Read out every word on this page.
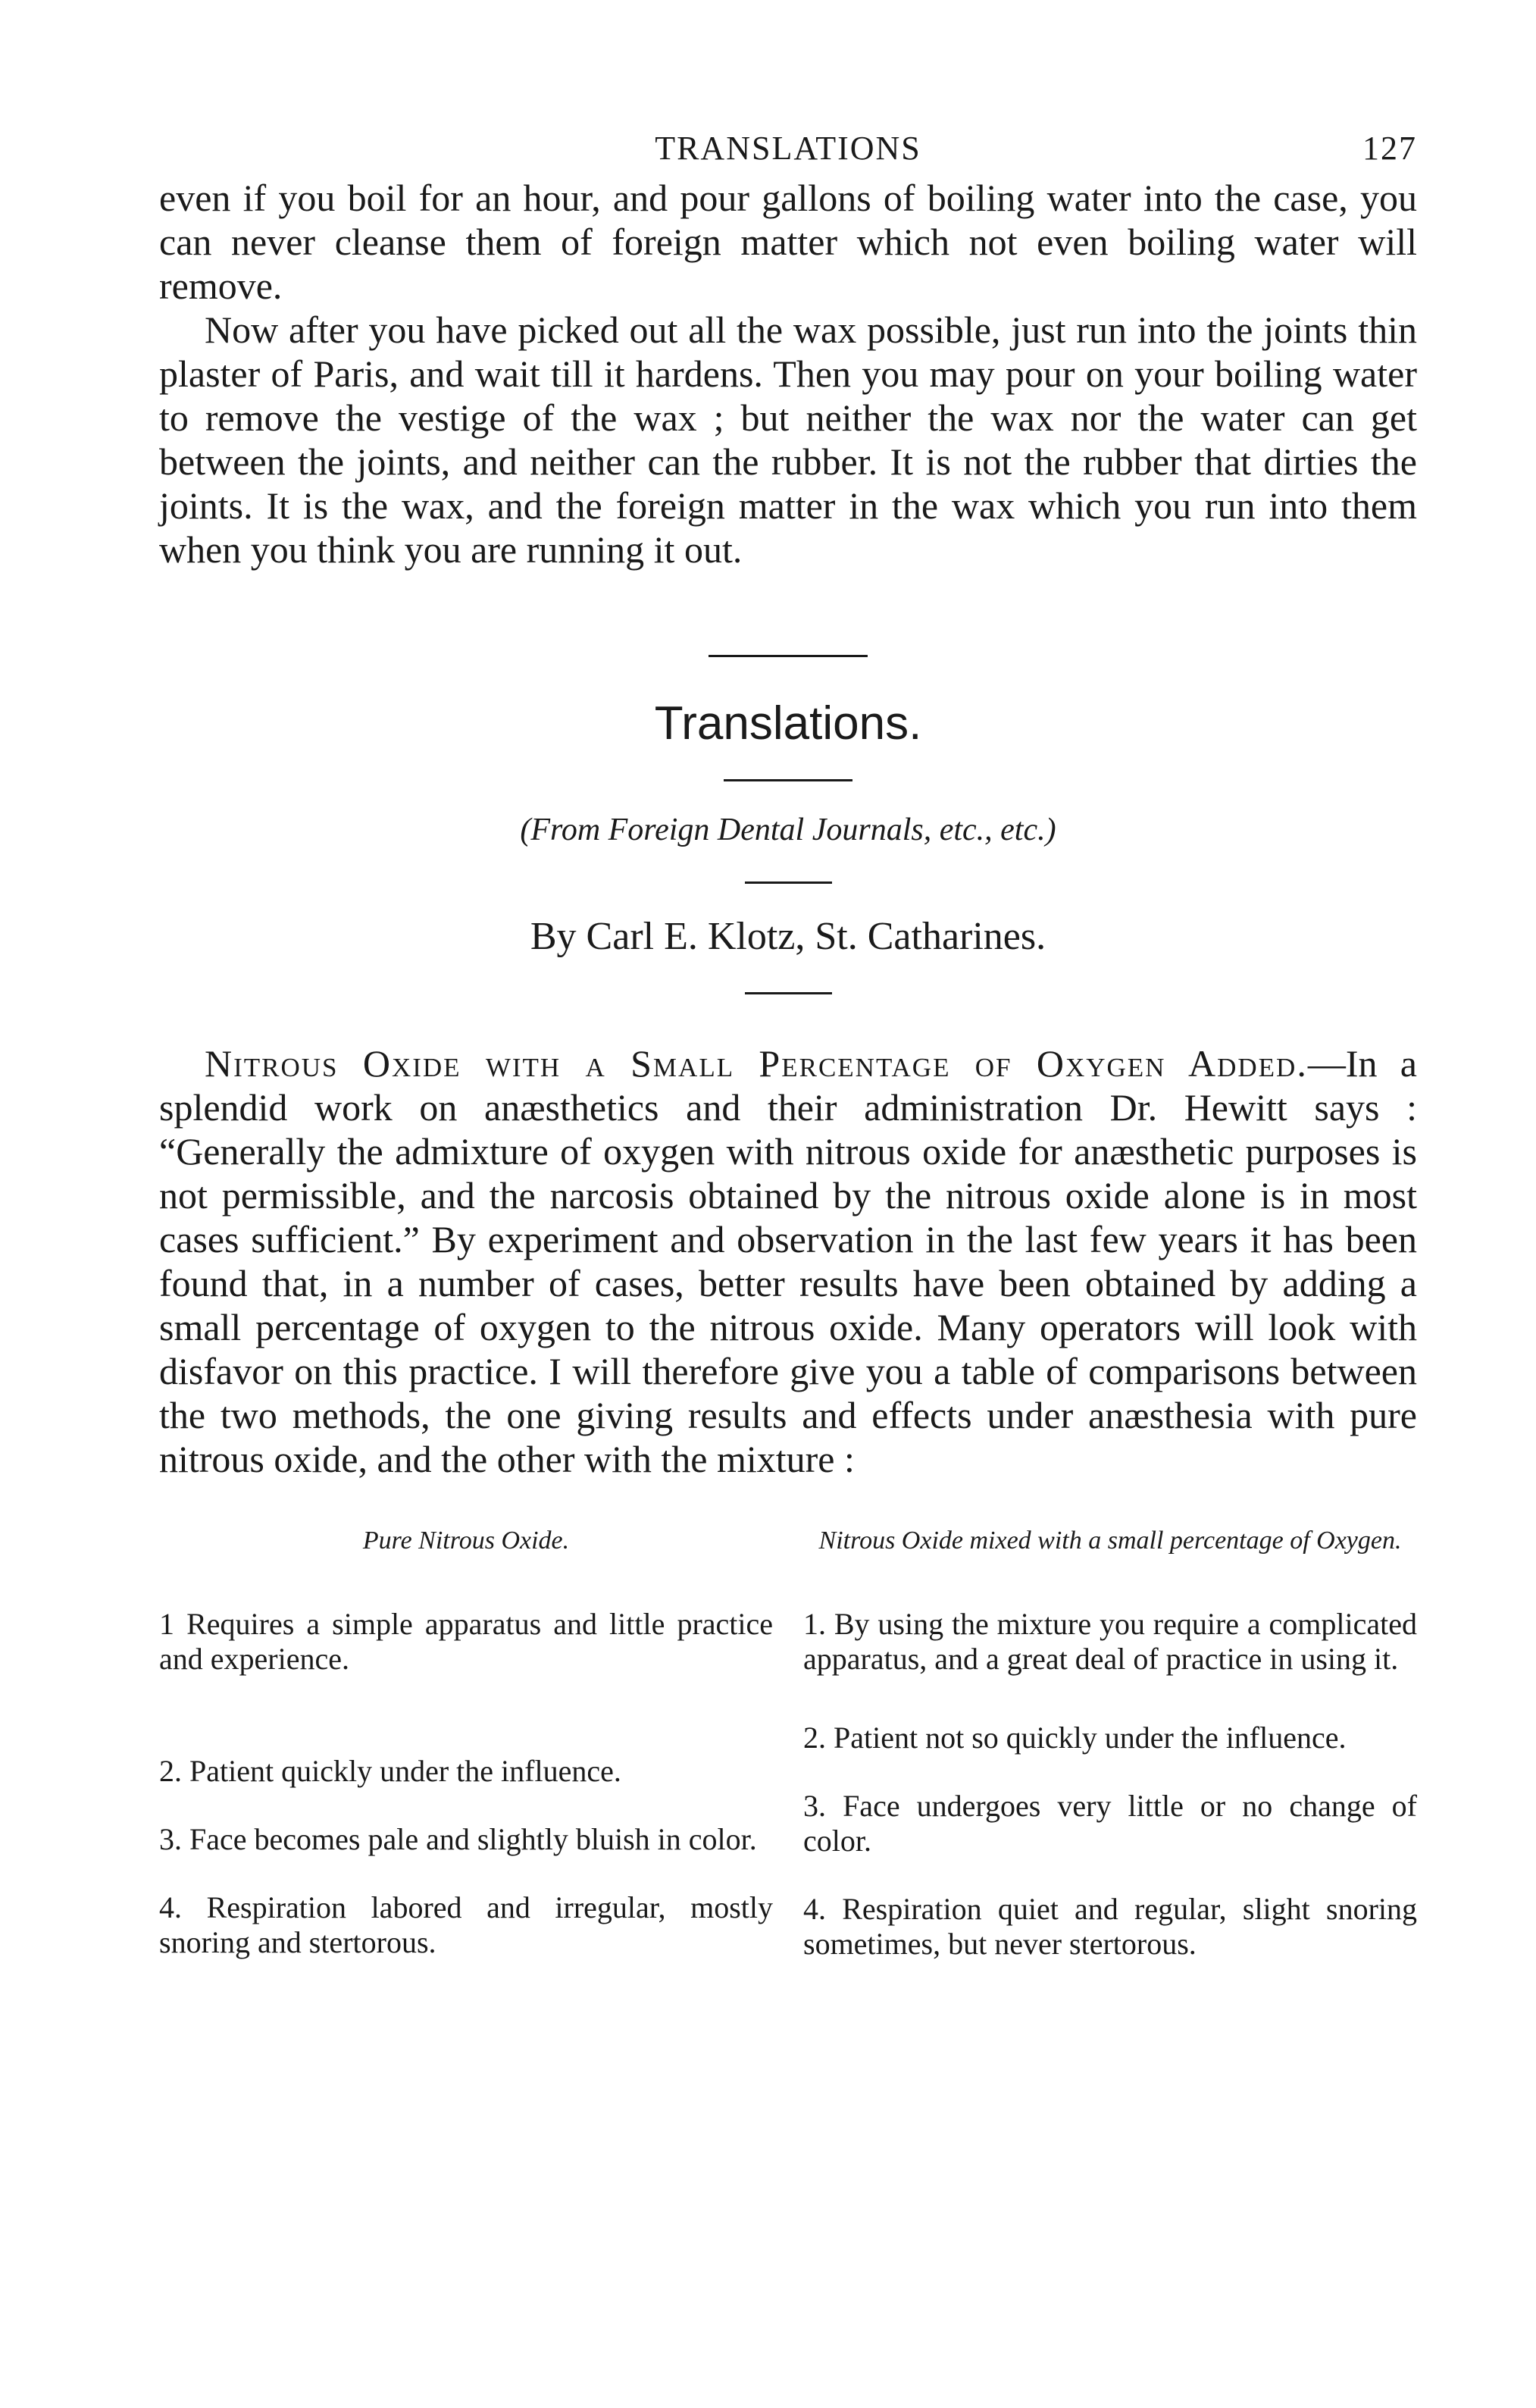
TRANSLATIONS	127

even if you boil for an hour, and pour gallons of boiling water into the case, you can never cleanse them of foreign matter which not even boiling water will remove.

Now after you have picked out all the wax possible, just run into the joints thin plaster of Paris, and wait till it hardens. Then you may pour on your boiling water to remove the vestige of the wax ; but neither the wax nor the water can get between the joints, and neither can the rubber. It is not the rubber that dirties the joints. It is the wax, and the foreign matter in the wax which you run into them when you think you are running it out.

Translations.

(From Foreign Dental Journals, etc., etc.)

By Carl E. Klotz, St. Catharines.

Nitrous Oxide with a Small Percentage of Oxygen Added.—In a splendid work on anæsthetics and their administration Dr. Hewitt says : “Generally the admixture of oxygen with nitrous oxide for anæsthetic purposes is not permissible, and the narcosis obtained by the nitrous oxide alone is in most cases sufficient.” By experiment and observation in the last few years it has been found that, in a number of cases, better results have been obtained by adding a small percentage of oxygen to the nitrous oxide. Many operators will look with disfavor on this practice. I will therefore give you a table of comparisons between the two methods, the one giving results and effects under anæsthesia with pure nitrous oxide, and the other with the mixture :

Pure Nitrous Oxide.

1 Requires a simple apparatus and little practice and experience.

2. Patient quickly under the influence.

3. Face becomes pale and slightly bluish in color.

4. Respiration labored and irregular, mostly snoring and stertorous.

Nitrous Oxide mixed with a small percentage of Oxygen.

1. By using the mixture you require a complicated apparatus, and a great deal of practice in using it.

2. Patient not so quickly under the influence.

3. Face undergoes very little or no change of color.

4. Respiration quiet and regular, slight snoring sometimes, but never stertorous.
